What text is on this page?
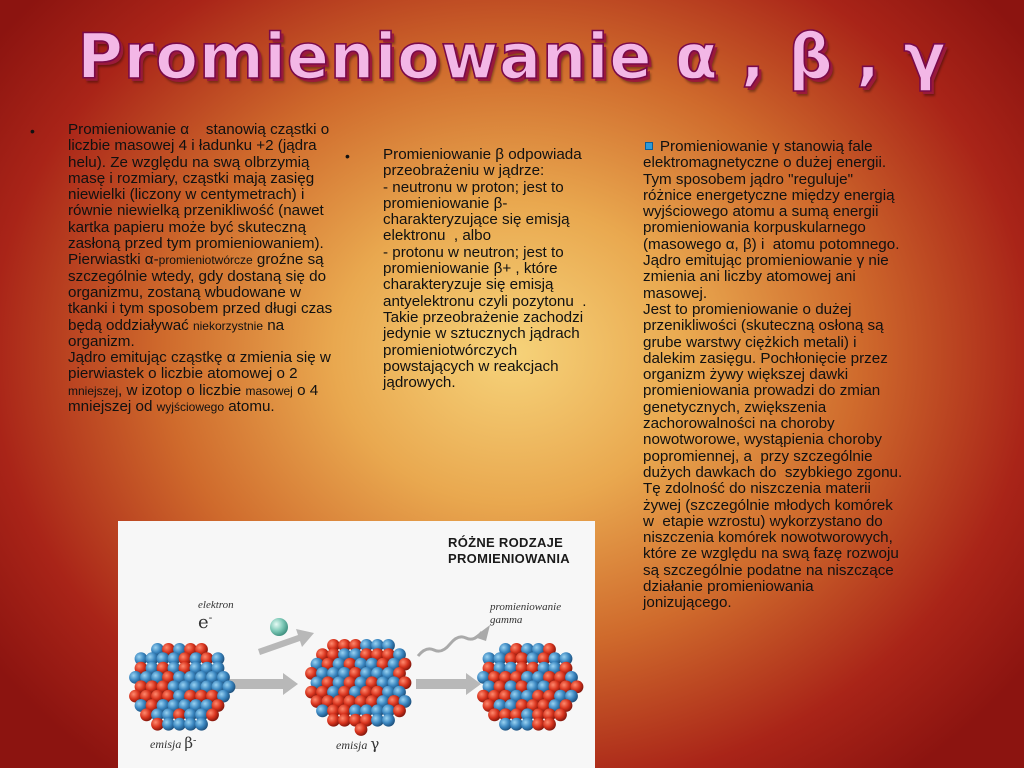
Promieniowanie α , β , γ
• Promieniowanie α    stanowią cząstki o liczbie masowej 4 i ładunku +2 (jądra helu). Ze względu na swą olbrzymią masę i rozmiary, cząstki mają zasięg niewielki (liczony w centymetrach) i równie niewielką przenikliwość (nawet kartka papieru może być skuteczną zasłoną przed tym promieniowaniem). Pierwiastki α-promieniotwórcze groźne są szczególnie wtedy, gdy dostaną się do organizmu, zostaną wbudowane w tkanki i tym sposobem przed długi czas będą oddziaływać niekorzystnie na organizm.
Jądro emitując cząstkę α zmienia się w pierwiastek o liczbie atomowej o 2 mniejszej, w izotop o liczbie masowej o 4 mniejszej od wyjściowego atomu.

• Promieniowanie β odpowiada przeobrażeniu w jądrze:
- neutronu w proton; jest to promieniowanie β- charakteryzujące się emisją elektronu  , albo
- protonu w neutron; jest to promieniowanie β+ , które charakteryzuje się emisją antyelektronu czyli pozytonu  .
Takie przeobrażenie zachodzi jedynie w sztucznych jądrach promieniotwórczych powstających w reakcjach jądrowych.

Promieniowanie γ stanowią fale elektromagnetyczne o dużej energii. Tym sposobem jądro "reguluje" różnice energetyczne między energią wyjściowego atomu a sumą energii promieniowania korpuskularnego (masowego α, β) i  atomu potomnego.
Jądro emitując promieniowanie γ nie zmienia ani liczby atomowej ani masowej.
Jest to promieniowanie o dużej przenikliwości (skuteczną osłoną są grube warstwy ciężkich metali) i  dalekim zasięgu. Pochłonięcie przez organizm żywy większej dawki promieniowania prowadzi do zmian genetycznych, zwiększenia zachorowalności na choroby nowotworowe, wystąpienia choroby popromiennej, a  przy szczególnie dużych dawkach do  szybkiego zgonu. Tę zdolność do niszczenia materii żywej (szczególnie młodych komórek w  etapie wzrostu) wykorzystano do niszczenia komórek nowotworowych, które ze względu na swą fazę rozwoju są szczególnie podatne na niszczące działanie promieniowania jonizującego.

RÓŻNE RODZAJE
PROMIENIOWANIA
elektron
e-
promieniowanie
gamma
emisja β-	emisja γ
